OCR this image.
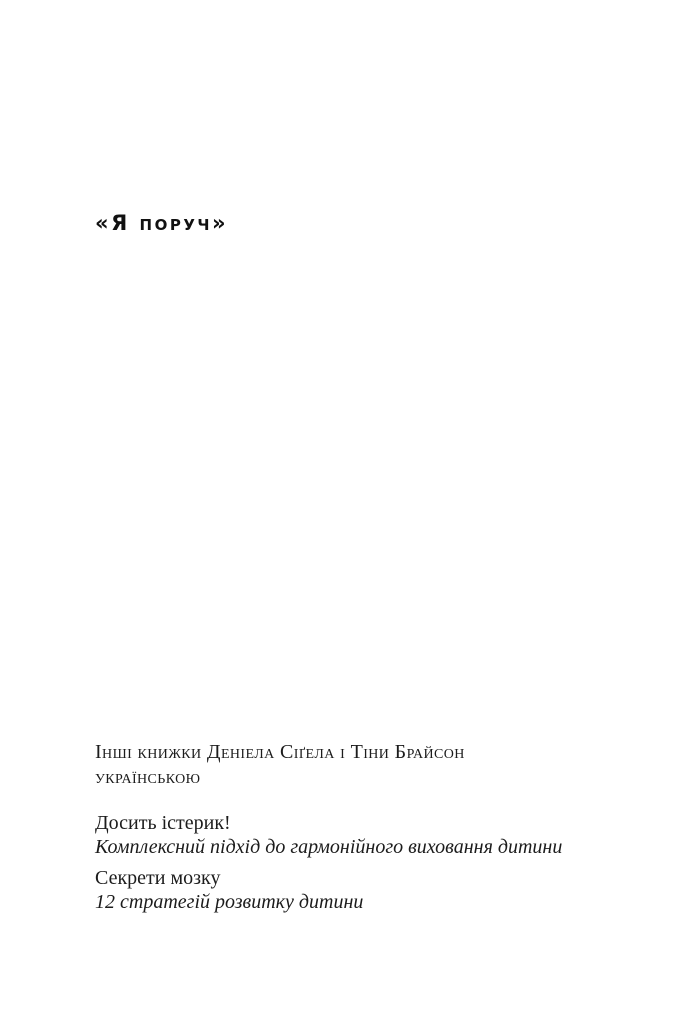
«Я поруч»
Інші книжки Деніела Сіґела і Тіни Брайсон
українською

Досить істерик!

Комплексний підхід до гармонійного виховання дитини

Секрети мозку

12 стратегій розвитку дитини
